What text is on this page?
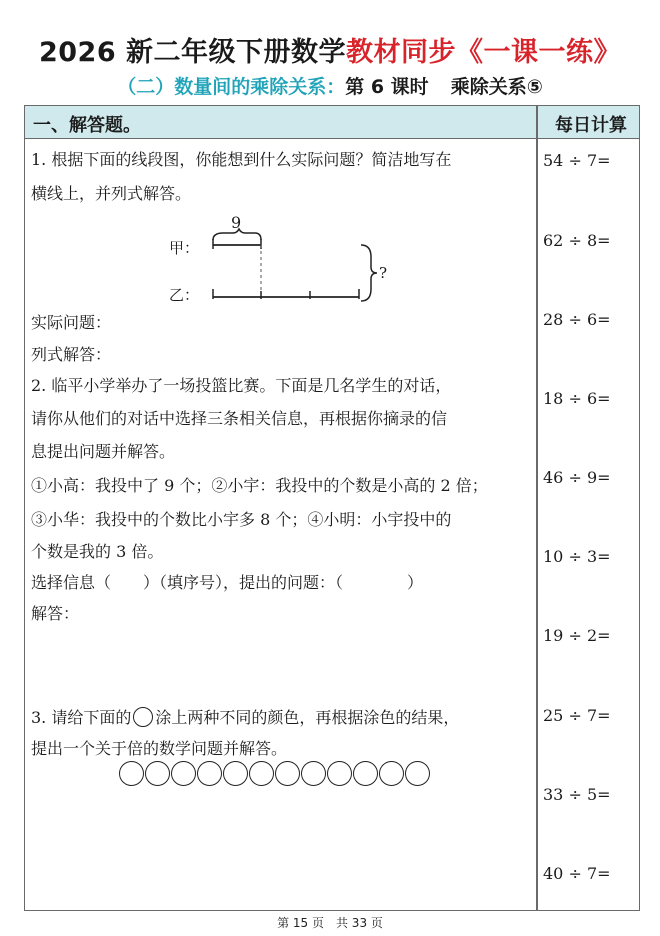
2026 新二年级下册数学教材同步《一课一练》
（二）数量间的乘除关系：第 6 课时 乘除关系⑤
一、解答题。	每日计算
54 ÷ 7=
62 ÷ 8=
28 ÷ 6=
18 ÷ 6=
46 ÷ 9=
10 ÷ 3=
19 ÷ 2=
25 ÷ 7=
33 ÷ 5=
40 ÷ 7=
1. 根据下面的线段图，你能想到什么实际问题？简洁地写在
横线上，并列式解答。
甲：
乙：
9
?
实际问题：
列式解答：
2. 临平小学举办了一场投篮比赛。下面是几名学生的对话，
请你从他们的对话中选择三条相关信息，再根据你摘录的信
息提出问题并解答。
①小高：我投中了 9 个；②小宇：我投中的个数是小高的 2 倍；
③小华：我投中的个数比小宇多 8 个；④小明：小宇投中的
个数是我的 3 倍。
选择信息（　　）（填序号），提出的问题：（　　　　）
解答：
3. 请给下面的 涂上两种不同的颜色，再根据涂色的结果，
提出一个关于倍的数学问题并解答。
第 15 页　共 33 页
